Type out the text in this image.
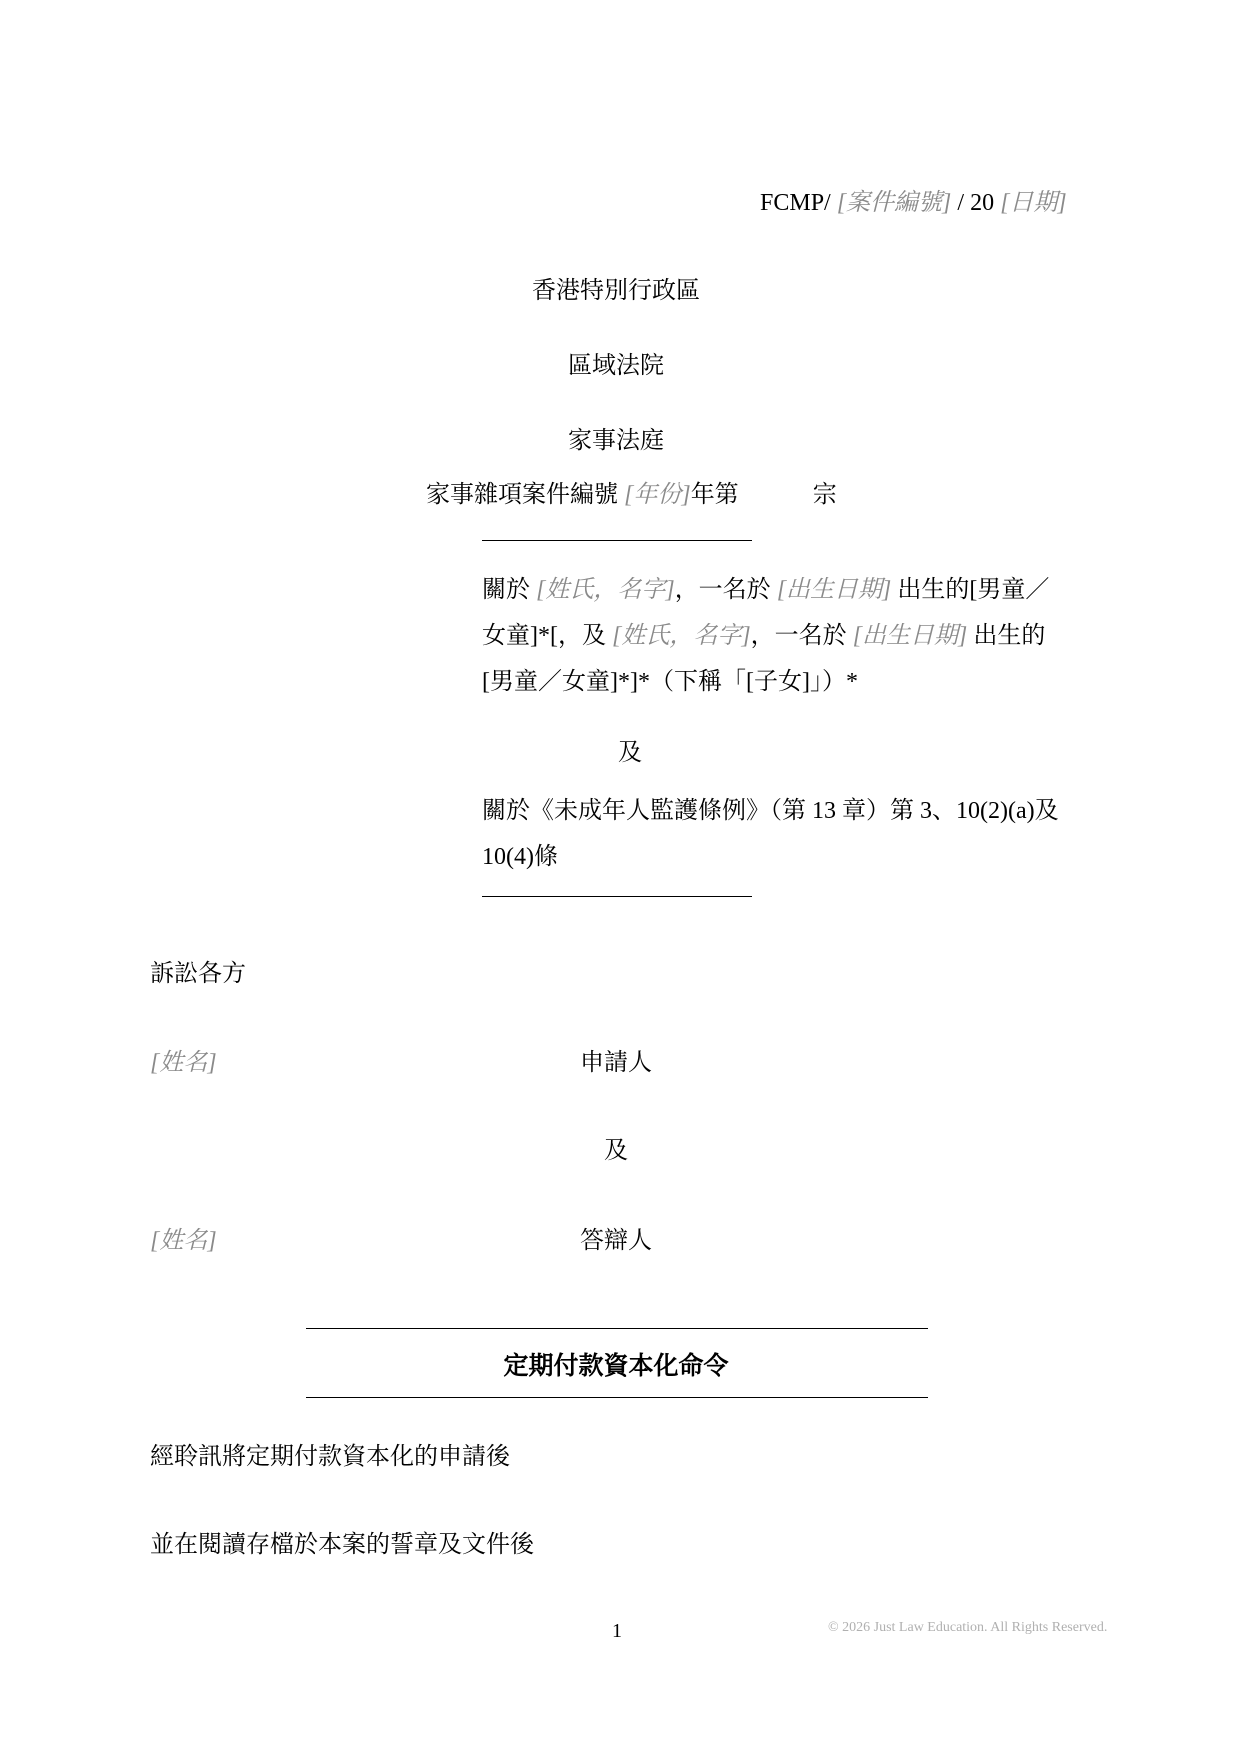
FCMP/ [案件編號] / 20 [日期]
香港特別行政區
區域法院
家事法庭
家事雜項案件編號 [年份]年第	宗
關於 [姓氏，名字]，一名於 [出生日期] 出生的[男童／女童]*[，及 [姓氏，名字]，一名於 [出生日期] 出生的[男童／女童]*]*（下稱「[子女]」）*
及
關於《未成年人監護條例》（第 13 章）第 3、10(2)(a)及 10(4)條
訴訟各方
[姓名]	申請人
及
[姓名]	答辯人
定期付款資本化命令
經聆訊將定期付款資本化的申請後
並在閱讀存檔於本案的誓章及文件後
1	© 2026 Just Law Education. All Rights Reserved.
